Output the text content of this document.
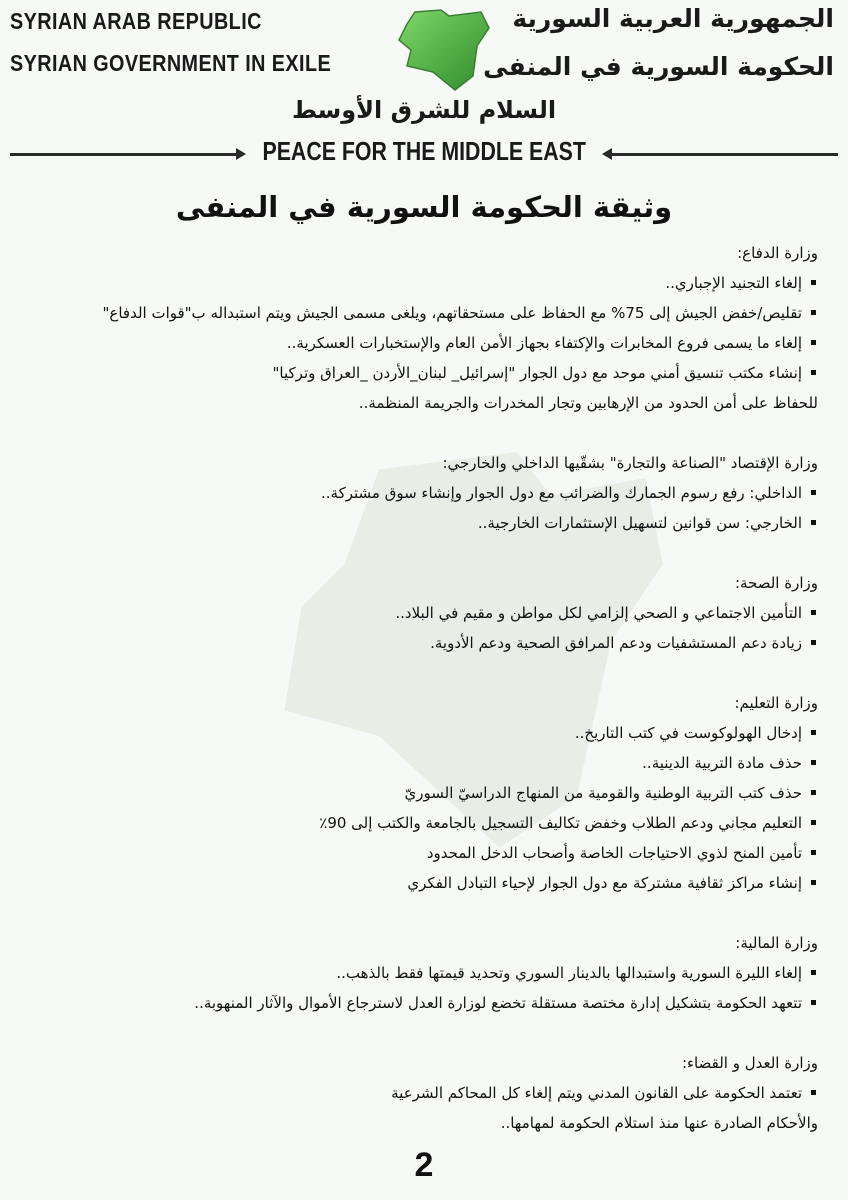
SYRIAN ARAB REPUBLIC
SYRIAN GOVERNMENT IN EXILE
الجمهورية العربية السورية
الحكومة السورية في المنفى
السلام للشرق الأوسط
PEACE FOR THE MIDDLE EAST
وثيقة الحكومة السورية في المنفى

وزارة الدفاع:

إلغاء التجنيد الإجباري..

تقليص/خفض الجيش إلى 75% مع الحفاظ على مستحقاتهم، ويلغى مسمى الجيش ويتم استبداله ب"قوات الدفاع"

إلغاء ما يسمى فروع المخابرات والإكتفاء بجهاز الأمن العام والإستخبارات العسكرية..

إنشاء مكتب تنسيق أمني موحد مع دول الجوار "إسرائيل_ لبنان_الأردن _العراق وتركيا"

للحفاظ على أمن الحدود من الإرهابين وتجار المخدرات والجريمة المنظمة..

وزارة الإقتصاد "الصناعة والتجارة" بشقّيها الداخلي والخارجي:

الداخلي: رفع رسوم الجمارك والضرائب مع دول الجوار وإنشاء سوق مشتركة..

الخارجي: سن قوانين لتسهيل الإستثمارات الخارجية..

وزارة الصحة:

التأمين الاجتماعي و الصحي إلزامي لكل مواطن و مقيم في البلاد..

زيادة دعم المستشفيات ودعم المرافق الصحية ودعم الأدوية.

وزارة التعليم:

إدخال الهولوكوست في كتب التاريخ..

حذف مادة التربية الدينية..

حذف كتب التربية الوطنية والقومية من المنهاج الدراسيّ السوريّ

التعليم مجاني ودعم الطلاب وخفض تكاليف التسجيل بالجامعة والكتب إلى 90٪

تأمين المنح لذوي الاحتياجات الخاصة وأصحاب الدخل المحدود

إنشاء مراكز ثقافية مشتركة مع دول الجوار لإحياء التبادل الفكري

وزارة المالية:

إلغاء الليرة السورية واستبدالها بالدينار السوري وتحديد قيمتها فقط بالذهب..

تتعهد الحكومة بتشكيل إدارة مختصة مستقلة تخضع لوزارة العدل لاسترجاع الأموال والآثار المنهوبة..

وزارة العدل و القضاء:

تعتمد الحكومة على القانون المدني ويتم إلغاء كل المحاكم الشرعية

والأحكام الصادرة عنها منذ استلام الحكومة لمهامها..

2
